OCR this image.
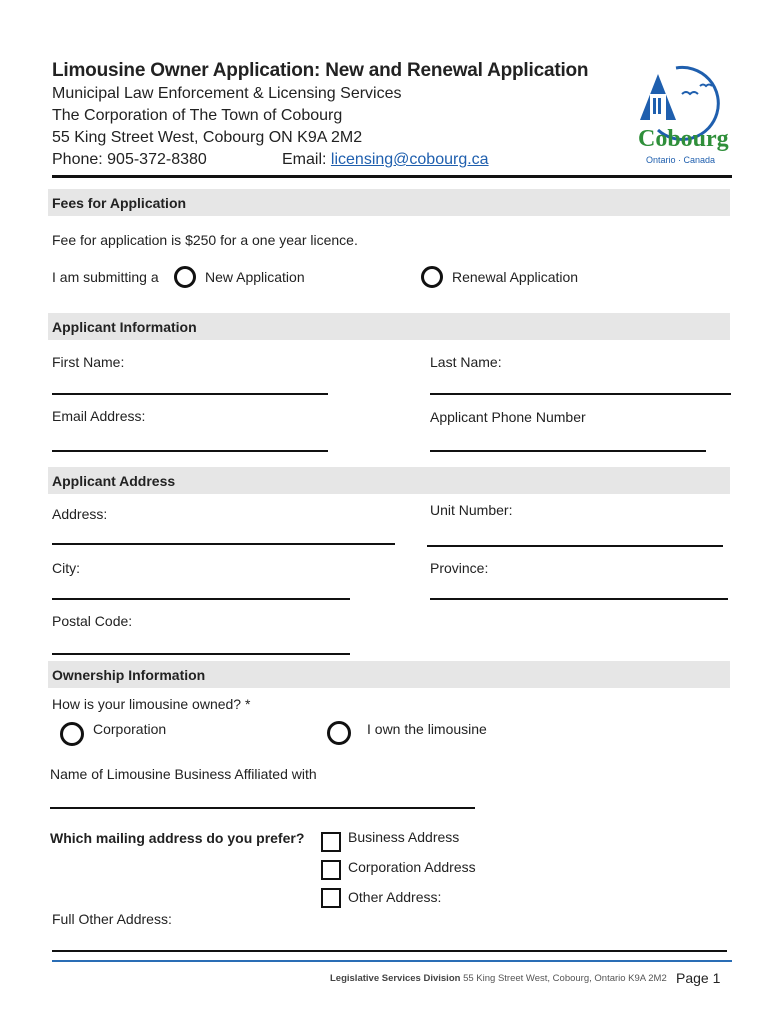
Limousine Owner Application: New and Renewal Application
Municipal Law Enforcement & Licensing Services
The Corporation of The Town of Cobourg
55 King Street West, Cobourg ON K9A 2M2
Phone: 905-372-8380	Email: licensing@cobourg.ca
Cobourg
Ontario · Canada
Fees for Application
Fee for application is $250 for a one year licence.
I am submitting a	New Application	Renewal Application
Applicant Information
First Name:	Last Name:
Email Address:	Applicant Phone Number
Applicant Address
Address:	Unit Number:
City:	Province:
Postal Code:
Ownership Information
How is your limousine owned? *
Corporation	I own the limousine
Name of Limousine Business Affiliated with
Which mailing address do you prefer?	Business Address
Corporation Address
Other Address:
Full Other Address:
Legislative Services Division 55 King Street West, Cobourg, Ontario K9A 2M2 Page 1
